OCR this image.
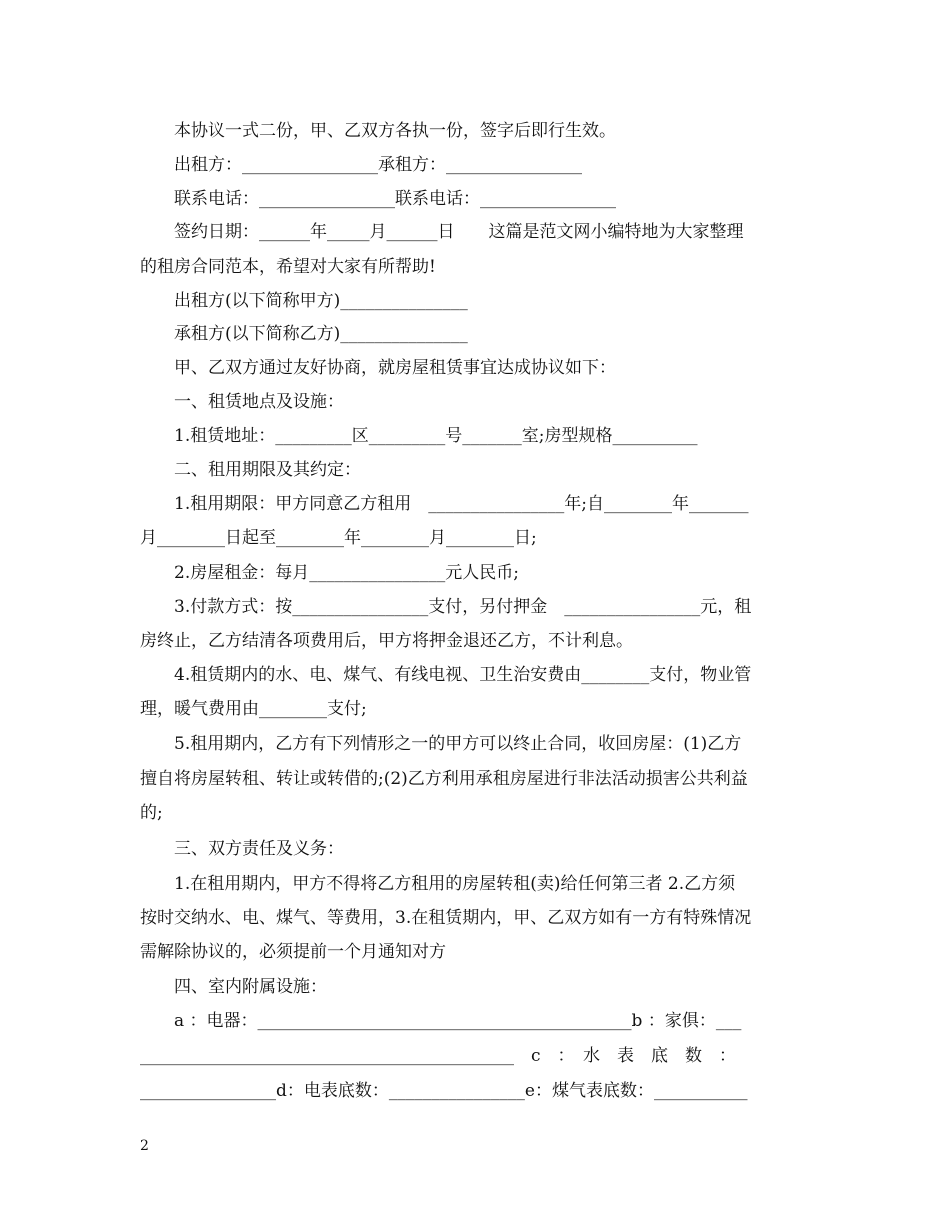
本协议一式二份，甲、乙双方各执一份，签字后即行生效。
出租方：________________承租方：________________
联系电话：________________联系电话：________________
签约日期：______年_____月______日　　这篇是范文网小编特地为大家整理
的租房合同范本，希望对大家有所帮助!
出租方(以下简称甲方)_______________
承租方(以下简称乙方)_______________
甲、乙双方通过友好协商，就房屋租赁事宜达成协议如下：
一、租赁地点及设施：
1.租赁地址：_________区_________号_______室;房型规格__________
二、租用期限及其约定：
1.租用期限：甲方同意乙方租用　________________年;自________年_______
月________日起至________年________月________日;
2.房屋租金：每月________________元人民币;
3.付款方式：按________________支付，另付押金　________________元，租
房终止，乙方结清各项费用后，甲方将押金退还乙方，不计利息。
4.租赁期内的水、电、煤气、有线电视、卫生治安费由________支付，物业管
理，暖气费用由________支付;
5.租用期内，乙方有下列情形之一的甲方可以终止合同，收回房屋：(1)乙方
擅自将房屋转租、转让或转借的;(2)乙方利用承租房屋进行非法活动损害公共利益
的;
三、双方责任及义务：
1.在租用期内，甲方不得将乙方租用的房屋转租(卖)给任何第三者 2.乙方须
按时交纳水、电、煤气、等费用，3.在租赁期内，甲、乙双方如有一方有特殊情况
需解除协议的，必须提前一个月通知对方
四、室内附属设施：
a ：电器：____________________________________________b ：家俱：___
____________________________________________　c　：　水　表　底　数　：
________________d：电表底数：________________e：煤气表底数：___________
2
